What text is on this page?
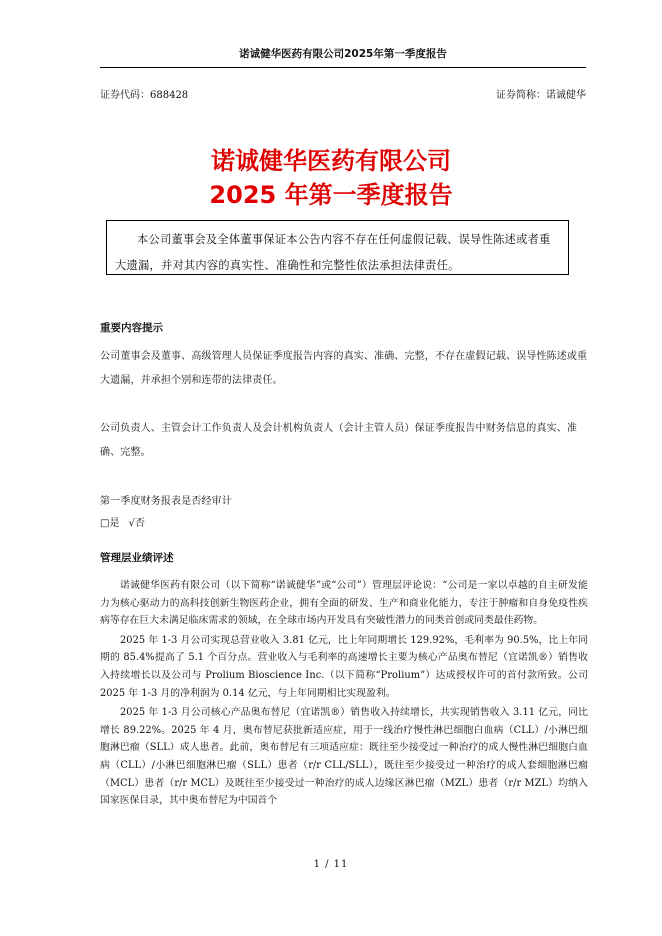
诺诚健华医药有限公司2025年第一季度报告
证券代码：688428	证券简称：诺诚健华
诺诚健华医药有限公司
2025 年第一季度报告
本公司董事会及全体董事保证本公告内容不存在任何虚假记载、误导性陈述或者重大遗漏，并对其内容的真实性、准确性和完整性依法承担法律责任。
重要内容提示
公司董事会及董事、高级管理人员保证季度报告内容的真实、准确、完整，不存在虚假记载、误导性陈述或重大遗漏，并承担个别和连带的法律责任。
公司负责人、主管会计工作负责人及会计机构负责人（会计主管人员）保证季度报告中财务信息的真实、准确、完整。
第一季度财务报表是否经审计
□是 √否
管理层业绩评述

诺诚健华医药有限公司（以下简称“诺诚健华”或“公司”）管理层评论说：“公司是一家以卓越的自主研发能力为核心驱动力的高科技创新生物医药企业，拥有全面的研发、生产和商业化能力，专注于肿瘤和自身免疫性疾病等存在巨大未满足临床需求的领域，在全球市场内开发具有突破性潜力的同类首创或同类最佳药物。

2025 年 1-3 月公司实现总营业收入 3.81 亿元，比上年同期增长 129.92%，毛利率为 90.5%，比上年同期的 85.4%提高了 5.1 个百分点。营业收入与毛利率的高速增长主要为核心产品奥布替尼（宜诺凯®）销售收入持续增长以及公司与 Prolium Bioscience Inc.（以下简称“Prolium”）达成授权许可的首付款所致。公司 2025 年 1-3 月的净利润为 0.14 亿元，与上年同期相比实现盈利。

2025 年 1-3 月公司核心产品奥布替尼（宜诺凯®）销售收入持续增长，共实现销售收入 3.11 亿元，同比增长 89.22%。2025 年 4 月，奥布替尼获批新适应症，用于一线治疗慢性淋巴细胞白血病（CLL）/小淋巴细胞淋巴瘤（SLL）成人患者。此前，奥布替尼有三项适应症：既往至少接受过一种治疗的成人慢性淋巴细胞白血病（CLL）/小淋巴细胞淋巴瘤（SLL）患者（r/r CLL/SLL），既往至少接受过一种治疗的成人套细胞淋巴瘤（MCL）患者（r/r MCL）及既往至少接受过一种治疗的成人边缘区淋巴瘤（MZL）患者（r/r MZL）均纳入国家医保目录，其中奥布替尼为中国首个

1 / 11
